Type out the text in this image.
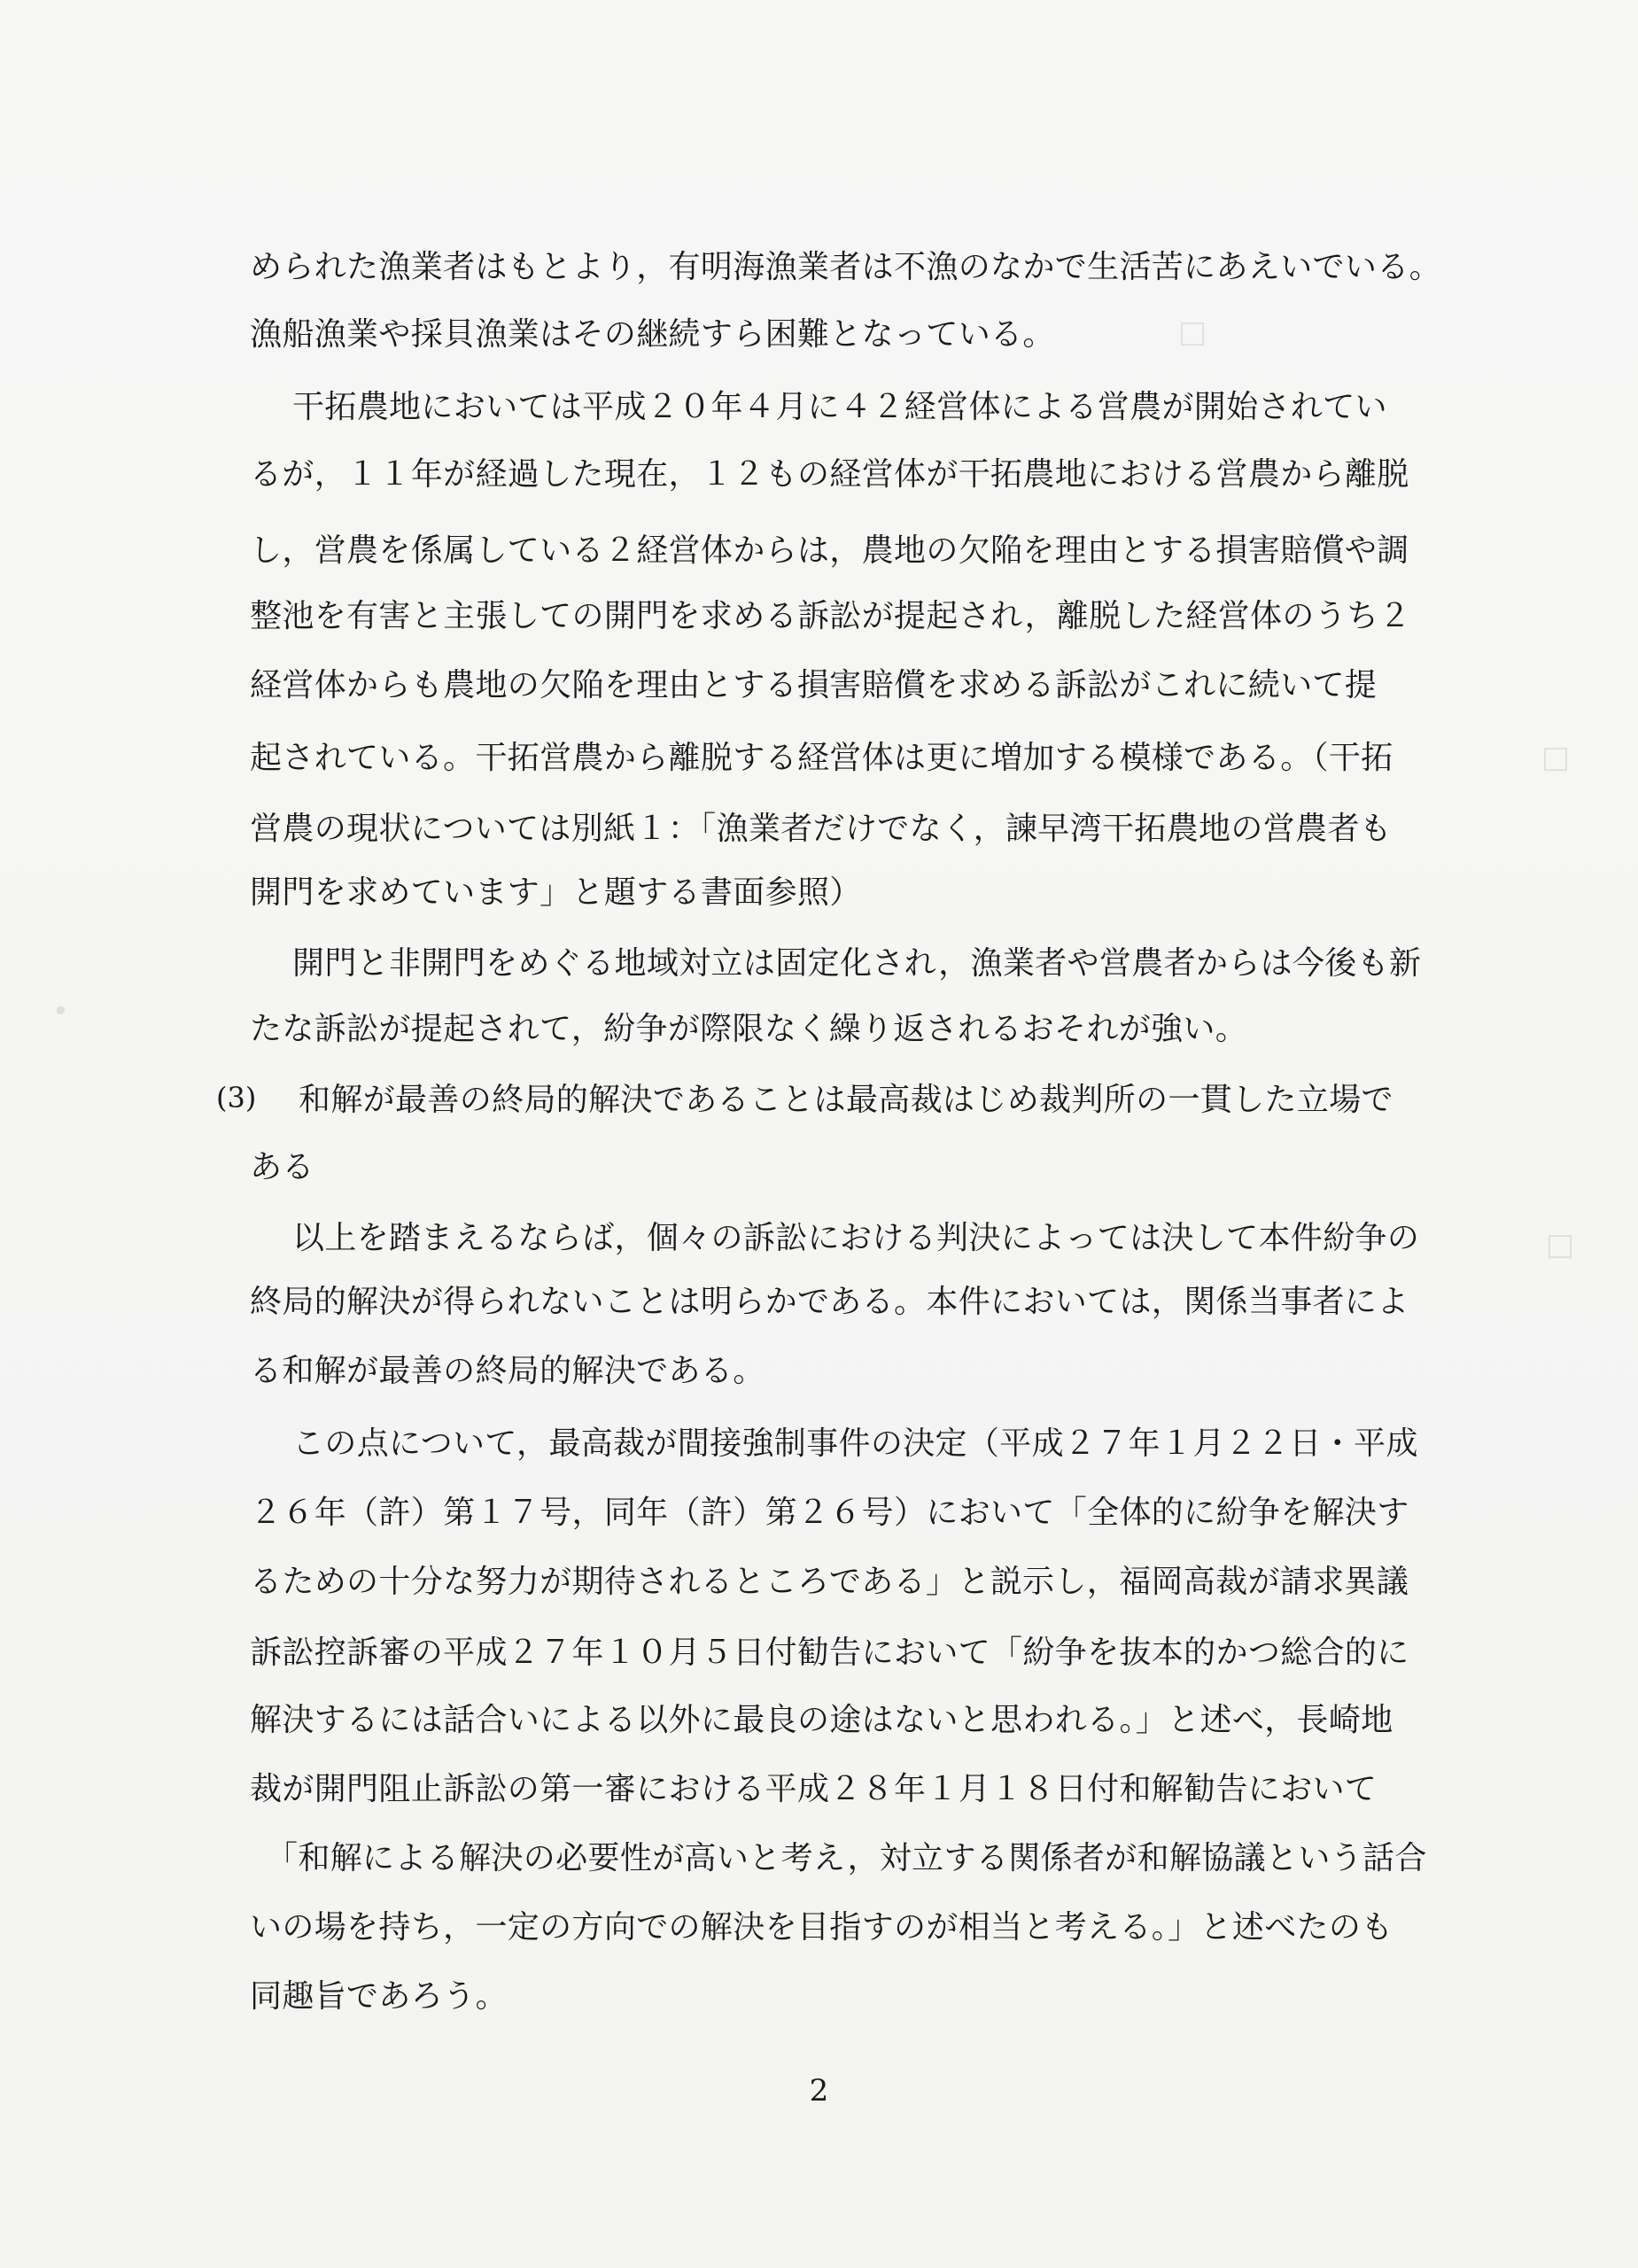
□
□
□
∙
められた漁業者はもとより，有明海漁業者は不漁のなかで生活苦にあえいでいる。
漁船漁業や採貝漁業はその継続すら困難となっている。
干拓農地においては平成２０年４月に４２経営体による営農が開始されてい
るが，１１年が経過した現在，１２もの経営体が干拓農地における営農から離脱
し，営農を係属している２経営体からは，農地の欠陥を理由とする損害賠償や調
整池を有害と主張しての開門を求める訴訟が提起され，離脱した経営体のうち２
経営体からも農地の欠陥を理由とする損害賠償を求める訴訟がこれに続いて提
起されている。干拓営農から離脱する経営体は更に増加する模様である。（干拓
営農の現状については別紙１：「漁業者だけでなく，諫早湾干拓農地の営農者も
開門を求めています」と題する書面参照）
開門と非開門をめぐる地域対立は固定化され，漁業者や営農者からは今後も新
たな訴訟が提起されて，紛争が際限なく繰り返されるおそれが強い。
(3) 和解が最善の終局的解決であることは最高裁はじめ裁判所の一貫した立場で
ある
以上を踏まえるならば，個々の訴訟における判決によっては決して本件紛争の
終局的解決が得られないことは明らかである。本件においては，関係当事者によ
る和解が最善の終局的解決である。
この点について，最高裁が間接強制事件の決定（平成２７年１月２２日・平成
２６年（許）第１７号，同年（許）第２６号）において「全体的に紛争を解決す
るための十分な努力が期待されるところである」と説示し，福岡高裁が請求異議
訴訟控訴審の平成２７年１０月５日付勧告において「紛争を抜本的かつ総合的に
解決するには話合いによる以外に最良の途はないと思われる。」と述べ，長崎地
裁が開門阻止訴訟の第一審における平成２８年１月１８日付和解勧告において
「和解による解決の必要性が高いと考え，対立する関係者が和解協議という話合
いの場を持ち，一定の方向での解決を目指すのが相当と考える。」と述べたのも
同趣旨であろう。
2
